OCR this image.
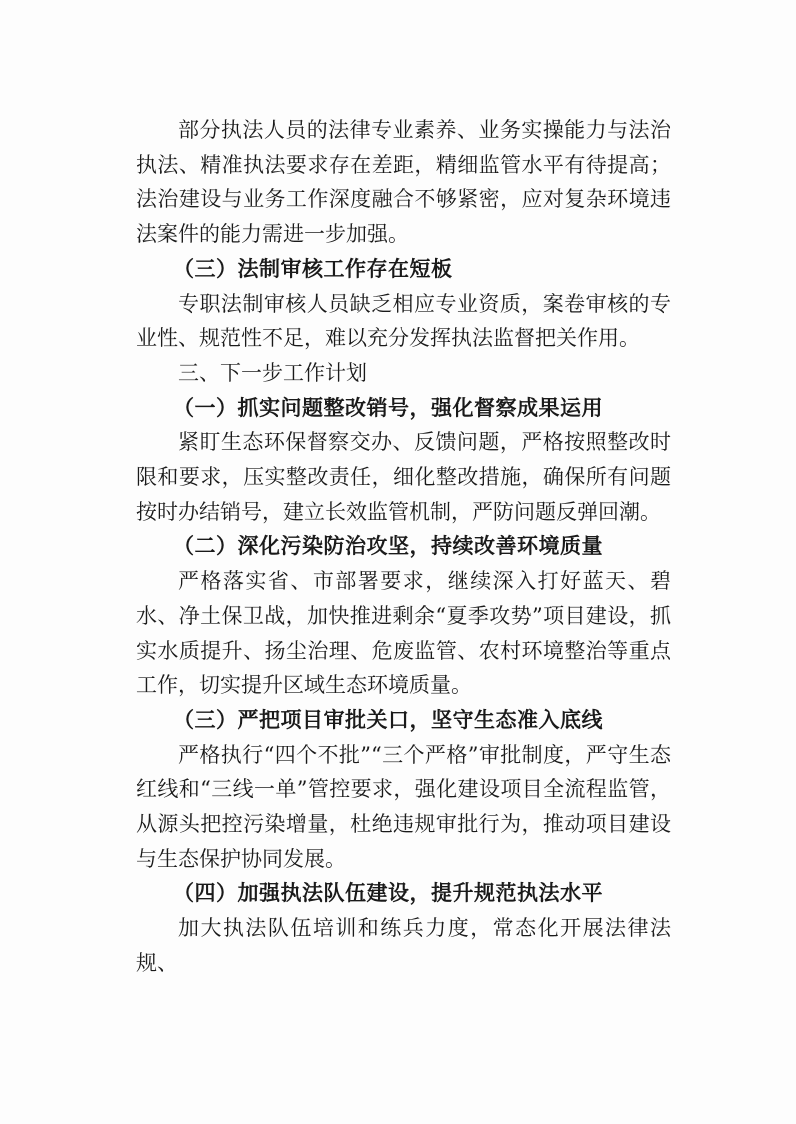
部分执法人员的法律专业素养、业务实操能力与法治执法、精准执法要求存在差距，精细监管水平有待提高；法治建设与业务工作深度融合不够紧密，应对复杂环境违法案件的能力需进一步加强。

（三）法制审核工作存在短板

专职法制审核人员缺乏相应专业资质，案卷审核的专业性、规范性不足，难以充分发挥执法监督把关作用。

三、下一步工作计划

（一）抓实问题整改销号，强化督察成果运用

紧盯生态环保督察交办、反馈问题，严格按照整改时限和要求，压实整改责任，细化整改措施，确保所有问题按时办结销号，建立长效监管机制，严防问题反弹回潮。

（二）深化污染防治攻坚，持续改善环境质量

严格落实省、市部署要求，继续深入打好蓝天、碧水、净土保卫战，加快推进剩余“夏季攻势”项目建设，抓实水质提升、扬尘治理、危废监管、农村环境整治等重点工作，切实提升区域生态环境质量。

（三）严把项目审批关口，坚守生态准入底线

严格执行“四个不批”“三个严格”审批制度，严守生态红线和“三线一单”管控要求，强化建设项目全流程监管，从源头把控污染增量，杜绝违规审批行为，推动项目建设与生态保护协同发展。

（四）加强执法队伍建设，提升规范执法水平

加大执法队伍培训和练兵力度，常态化开展法律法规、
